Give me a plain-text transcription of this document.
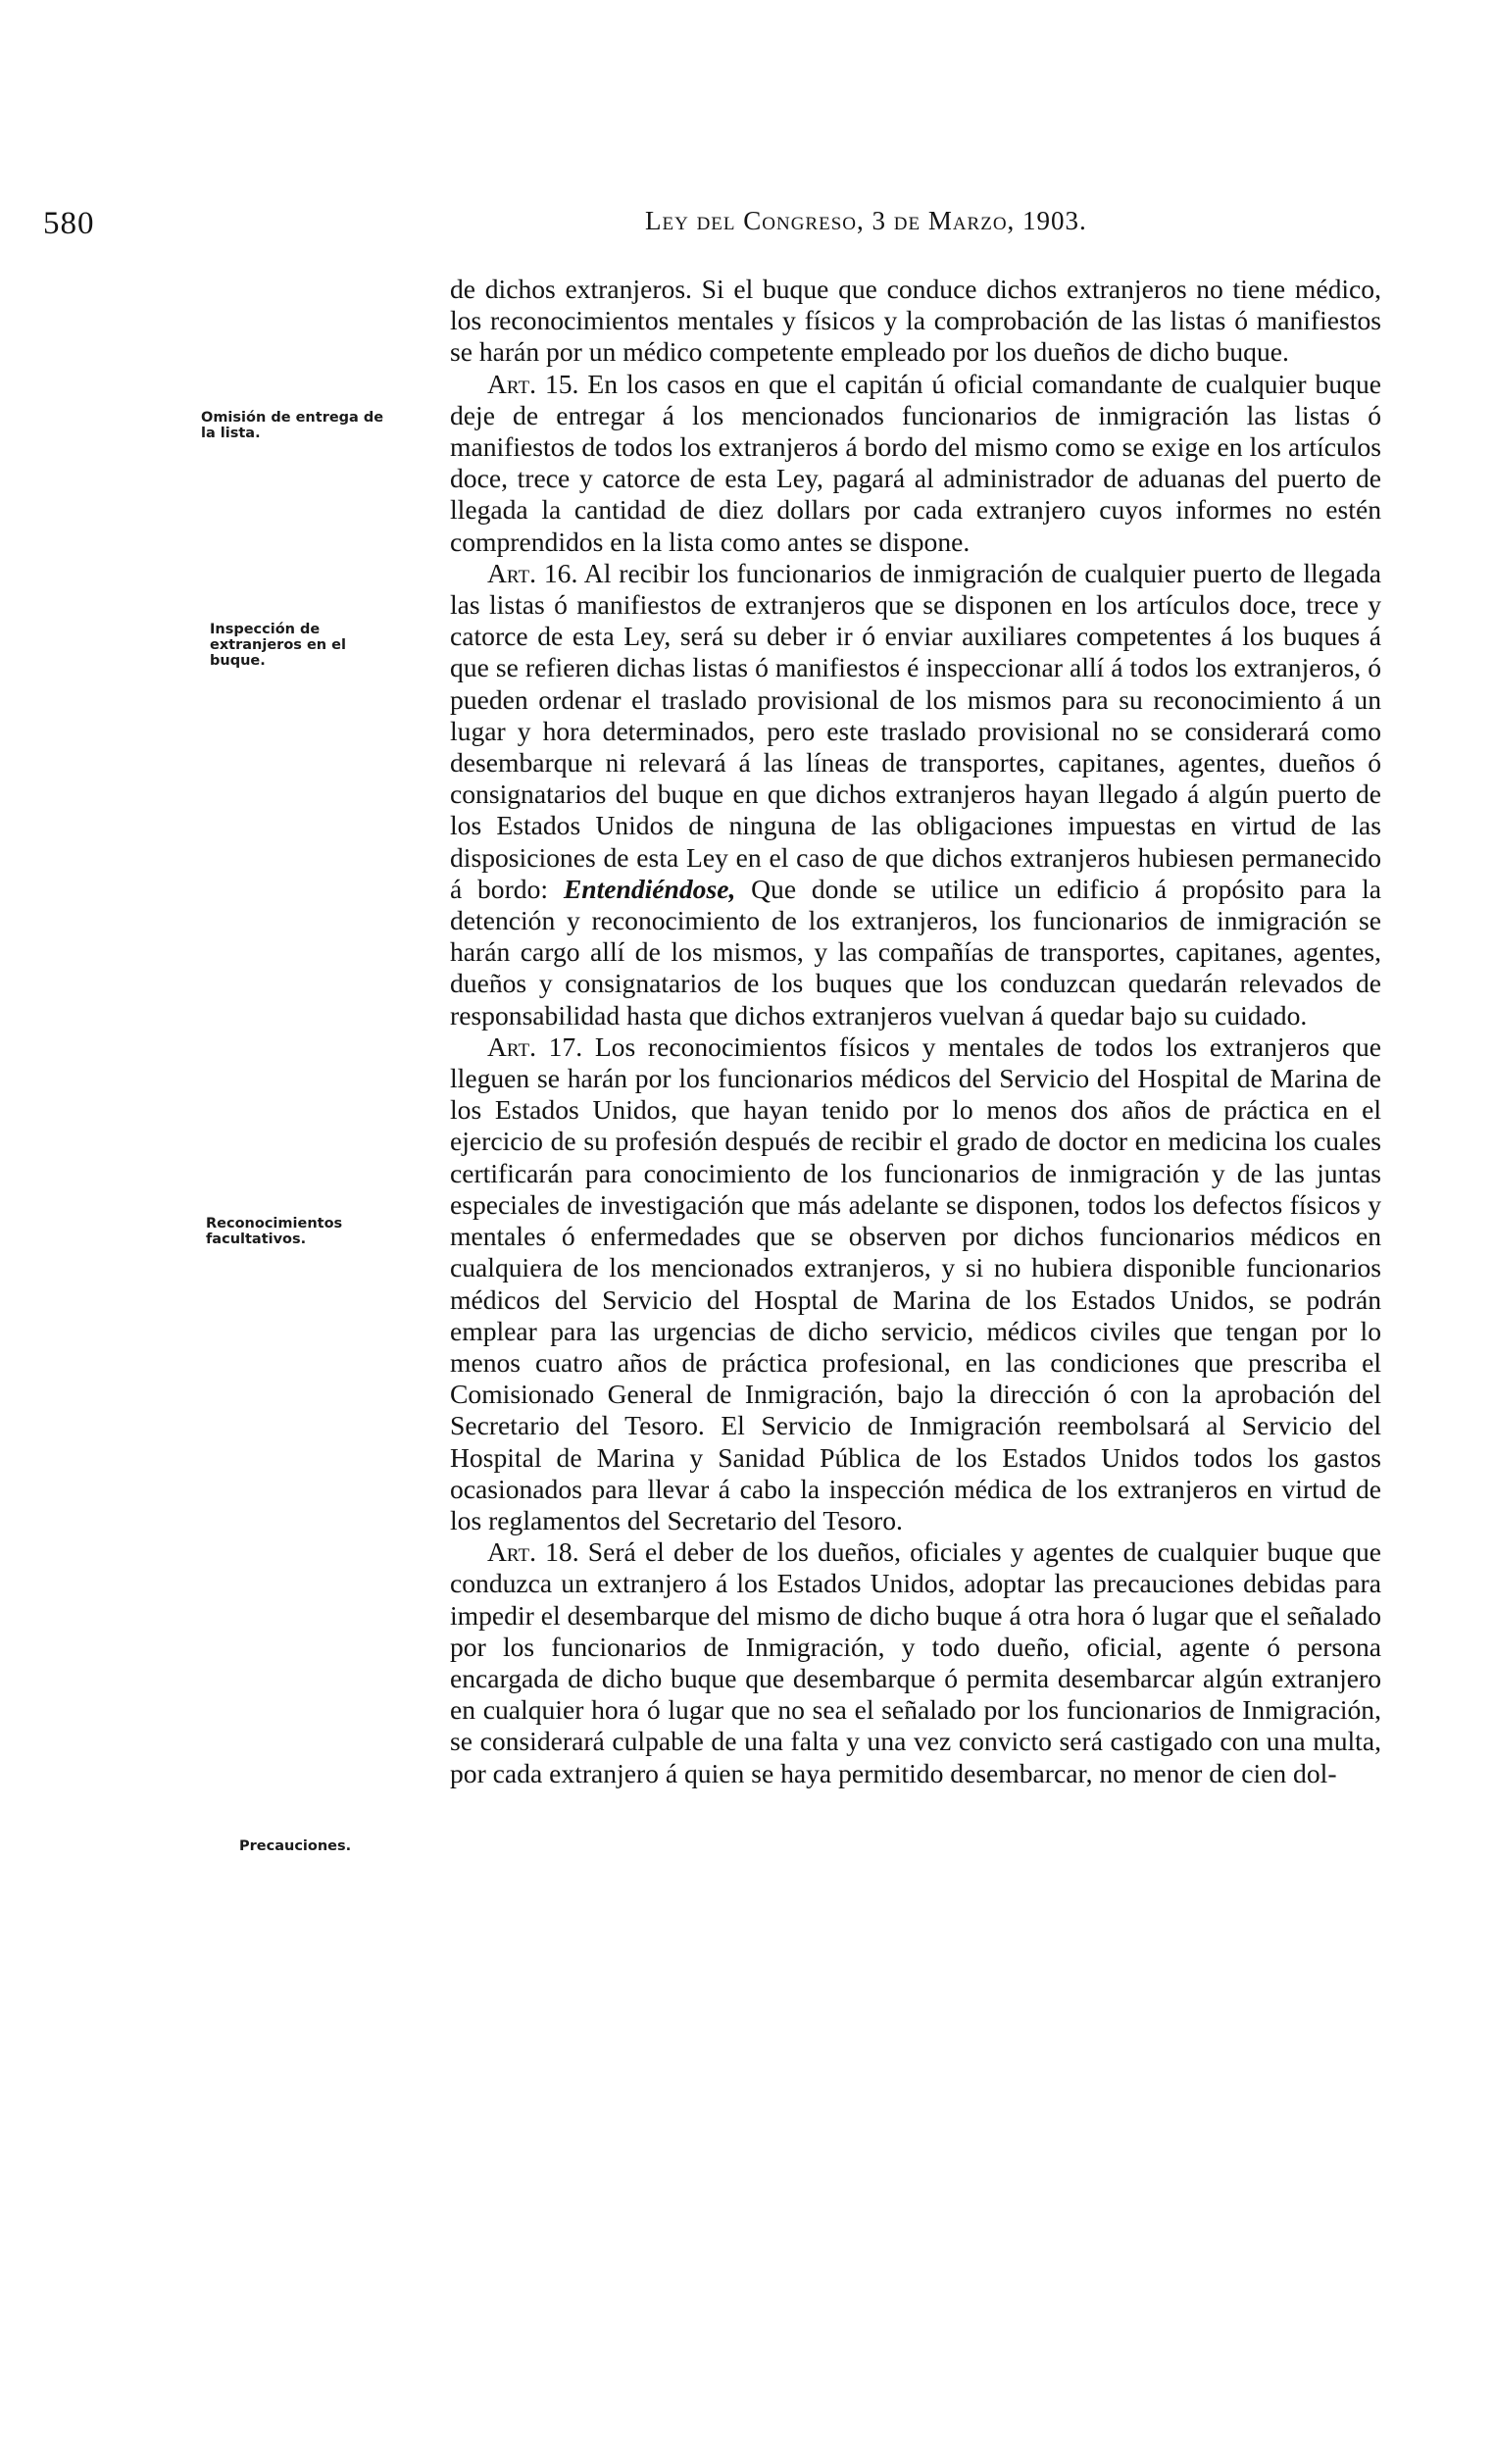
580	Ley del Congreso, 3 de Marzo, 1903.
Omisión de entrega de la lista.
Inspección de extranjeros en el buque.
Reconocimientos facultativos.
Precauciones.

de dichos extranjeros. Si el buque que conduce dichos extranjeros no tiene médico, los reconocimientos mentales y físicos y la comprobación de las listas ó manifiestos se harán por un médico competente empleado por los dueños de dicho buque.

Art. 15. En los casos en que el capitán ú oficial comandante de cualquier buque deje de entregar á los mencionados funcionarios de inmigración las listas ó manifiestos de todos los extranjeros á bordo del mismo como se exige en los artículos doce, trece y catorce de esta Ley, pagará al administrador de aduanas del puerto de llegada la cantidad de diez dollars por cada extranjero cuyos informes no estén comprendidos en la lista como antes se dispone.

Art. 16. Al recibir los funcionarios de inmigración de cualquier puerto de llegada las listas ó manifiestos de extranjeros que se disponen en los artículos doce, trece y catorce de esta Ley, será su deber ir ó enviar auxiliares competentes á los buques á que se refieren dichas listas ó manifiestos é inspeccionar allí á todos los extranjeros, ó pueden ordenar el traslado provisional de los mismos para su reconocimiento á un lugar y hora determinados, pero este traslado provisional no se considerará como desembarque ni relevará á las líneas de transportes, capitanes, agentes, dueños ó consignatarios del buque en que dichos extranjeros hayan llegado á algún puerto de los Estados Unidos de ninguna de las obligaciones impuestas en virtud de las disposiciones de esta Ley en el caso de que dichos extranjeros hubiesen permanecido á bordo: Entendiéndose, Que donde se utilice un edificio á propósito para la detención y reconocimiento de los extranjeros, los funcionarios de inmigración se harán cargo allí de los mismos, y las compañías de transportes, capitanes, agentes, dueños y consignatarios de los buques que los conduzcan quedarán relevados de responsabilidad hasta que dichos extranjeros vuelvan á quedar bajo su cuidado.

Art. 17. Los reconocimientos físicos y mentales de todos los extranjeros que lleguen se harán por los funcionarios médicos del Servicio del Hospital de Marina de los Estados Unidos, que hayan tenido por lo menos dos años de práctica en el ejercicio de su profesión después de recibir el grado de doctor en medicina los cuales certificarán para conocimiento de los funcionarios de inmigración y de las juntas especiales de investigación que más adelante se disponen, todos los defectos físicos y mentales ó enfermedades que se observen por dichos funcionarios médicos en cualquiera de los mencionados extranjeros, y si no hubiera disponible funcionarios médicos del Servicio del Hosptal de Marina de los Estados Unidos, se podrán emplear para las urgencias de dicho servicio, médicos civiles que tengan por lo menos cuatro años de práctica profesional, en las condiciones que prescriba el Comisionado General de Inmigración, bajo la dirección ó con la aprobación del Secretario del Tesoro. El Servicio de Inmigración reembolsará al Servicio del Hospital de Marina y Sanidad Pública de los Estados Unidos todos los gastos ocasionados para llevar á cabo la inspección médica de los extranjeros en virtud de los reglamentos del Secretario del Tesoro.

Art. 18. Será el deber de los dueños, oficiales y agentes de cualquier buque que conduzca un extranjero á los Estados Unidos, adoptar las precauciones debidas para impedir el desembarque del mismo de dicho buque á otra hora ó lugar que el señalado por los funcionarios de Inmigración, y todo dueño, oficial, agente ó persona encargada de dicho buque que desembarque ó permita desembarcar algún extranjero en cualquier hora ó lugar que no sea el señalado por los funcionarios de Inmigración, se considerará culpable de una falta y una vez convicto será castigado con una multa, por cada extranjero á quien se haya permitido desembarcar, no menor de cien dol-
